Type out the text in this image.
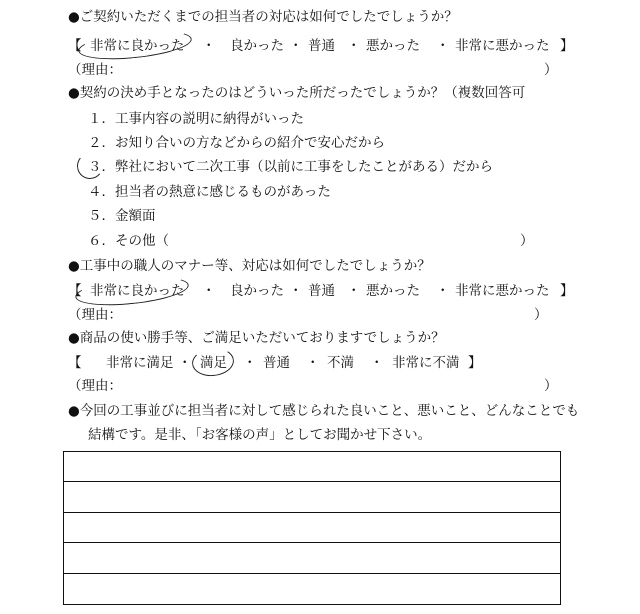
●ご契約いただくまでの担当者の対応は如何でしたでしょうか？
【 非常に良かった ・ 良かった ・ 普通 ・ 悪かった ・ 非常に悪かった 】
（理由：	）
●契約の決め手となったのはどういった所だったでしょうか？（複数回答可
１．工事内容の説明に納得がいった
２．お知り合いの方などからの紹介で安心だから
３．弊社において二次工事（以前に工事をしたことがある）だから
４．担当者の熱意に感じるものがあった
５．金額面
６．その他（	）
●工事中の職人のマナー等、対応は如何でしたでしょうか？
【 非常に良かった ・ 良かった ・ 普通 ・ 悪かった ・ 非常に悪かった 】
（理由：	）
●商品の使い勝手等、ご満足いただいておりますでしょうか？
【 非常に満足 ・ 満足 ・ 普通 ・ 不満 ・ 非常に不満 】
（理由：	）
●今回の工事並びに担当者に対して感じられた良いこと、悪いこと、どんなことでも
結構です。是非、「お客様の声」としてお聞かせ下さい。
